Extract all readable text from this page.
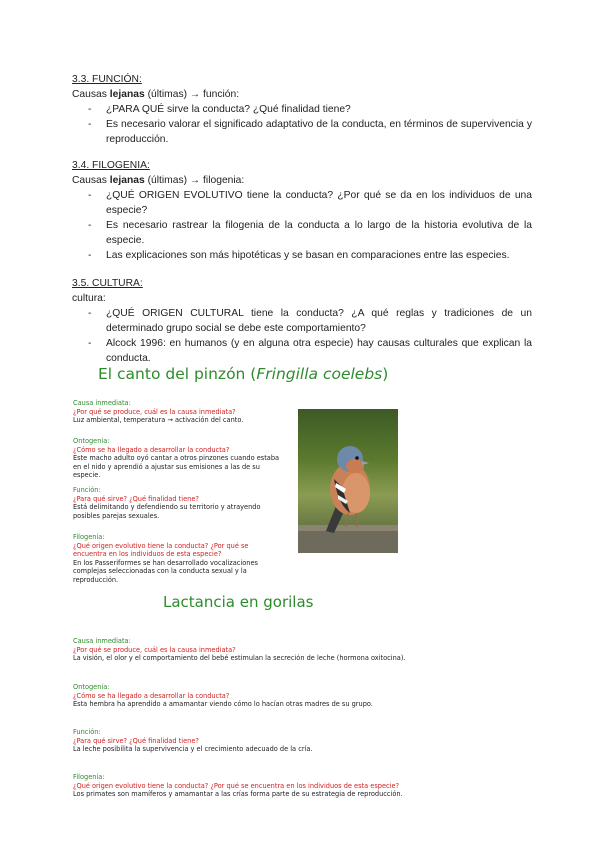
3.3. FUNCIÓN:
Causas lejanas (últimas) → función:
- ¿PARA QUÉ sirve la conducta? ¿Qué finalidad tiene?
- Es necesario valorar el significado adaptativo de la conducta, en términos de supervivencia y reproducción.
3.4. FILOGENIA:
Causas lejanas (últimas) → filogenia:
- ¿QUÉ ORIGEN EVOLUTIVO tiene la conducta? ¿Por qué se da en los individuos de una especie?
- Es necesario rastrear la filogenia de la conducta a lo largo de la historia evolutiva de la especie.
- Las explicaciones son más hipotéticas y se basan en comparaciones entre las especies.
3.5. CULTURA:
cultura:
- ¿QUÉ ORIGEN CULTURAL tiene la conducta? ¿A qué reglas y tradiciones de un determinado grupo social se debe este comportamiento?
- Alcock 1996: en humanos (y en alguna otra especie) hay causas culturales que explican la conducta.
El canto del pinzón (Fringilla coelebs)
Causa inmediata:
¿Por qué se produce, cuál es la causa inmediata?
Luz ambiental, temperatura → activación del canto.
Ontogenia:
¿Cómo se ha llegado a desarrollar la conducta?
Este macho adulto oyó cantar a otros pinzones cuando estaba en el nido y aprendió a ajustar sus emisiones a las de su especie.
Función:
¿Para qué sirve? ¿Qué finalidad tiene?
Está delimitando y defendiendo su territorio y atrayendo posibles parejas sexuales.
Filogenia:
¿Qué origen evolutivo tiene la conducta? ¿Por qué se encuentra en los individuos de esta especie?
En los Passeriformes se han desarrollado vocalizaciones complejas seleccionadas con la conducta sexual y la reproducción.
Lactancia en gorilas
Causa inmediata:
¿Por qué se produce, cuál es la causa inmediata?
La visión, el olor y el comportamiento del bebé estimulan la secreción de leche (hormona oxitocina).
Ontogenia:
¿Cómo se ha llegado a desarrollar la conducta?
Esta hembra ha aprendido a amamantar viendo cómo lo hacían otras madres de su grupo.
Función:
¿Para qué sirve? ¿Qué finalidad tiene?
La leche posibilita la supervivencia y el crecimiento adecuado de la cría.
Filogenia:
¿Qué origen evolutivo tiene la conducta? ¿Por qué se encuentra en los individuos de esta especie?
Los primates son mamíferos y amamantar a las crías forma parte de su estrategia de reproducción.
